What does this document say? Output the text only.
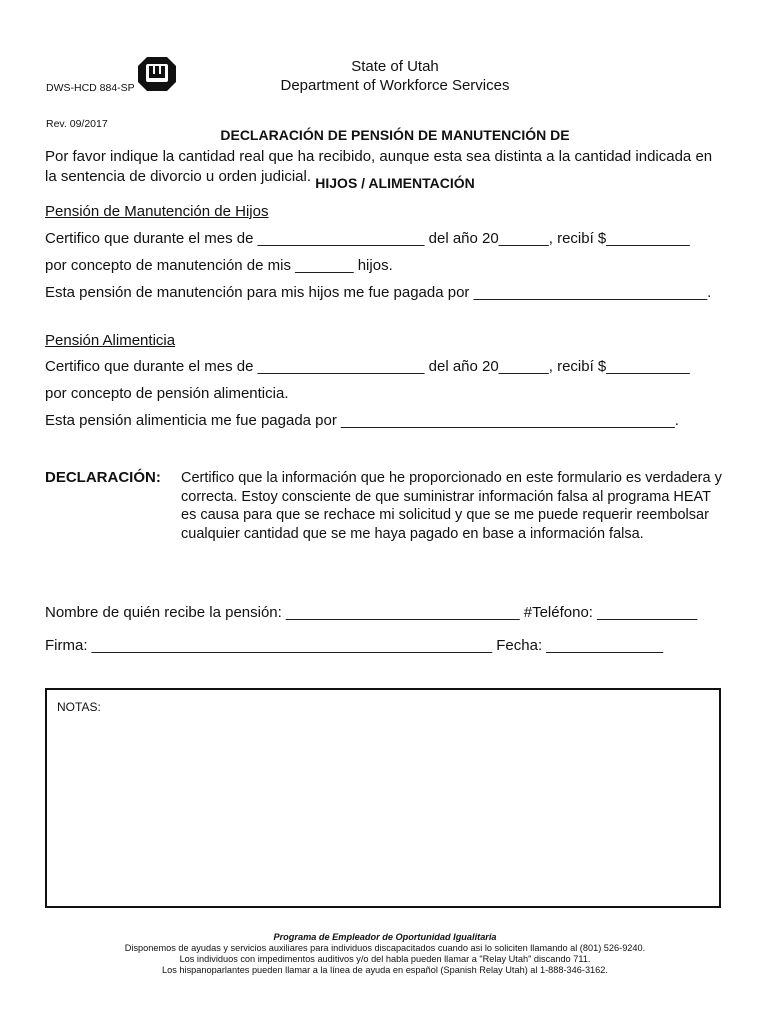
DWS-HCD 884-SP

Rev. 09/2017

State of Utah
Department of Workforce Services

DECLARACIÓN DE PENSIÓN DE MANUTENCIÓN DE

HIJOS / ALIMENTACIÓN

Por favor indique la cantidad real que ha recibido, aunque esta sea distinta a la cantidad indicada en
la sentencia de divorcio u orden judicial.
Pensión de Manutención de Hijos
Certifico que durante el mes de ____________________ del año 20______, recibí $__________
por concepto de manutención de mis _______ hijos.
Esta pensión de manutención para mis hijos me fue pagada por ____________________________.
Pensión Alimenticia
Certifico que durante el mes de ____________________ del año 20______, recibí $__________
por concepto de pensión alimenticia.
Esta pensión alimenticia me fue pagada por ________________________________________.
DECLARACIÓN: Certifico que la información que he proporcionado en este formulario es verdadera y correcta. Estoy consciente de que suministrar información falsa al programa HEAT es causa para que se rechace mi solicitud y que se me puede requerir reembolsar cualquier cantidad que se me haya pagado en base a información falsa.
Nombre de quién recibe la pensión: ____________________________ #Teléfono: ____________
Firma: ________________________________________________ Fecha: ______________

NOTAS:

Programa de Empleador de Oportunidad Igualitaria
Disponemos de ayudas y servicios auxiliares para individuos discapacitados cuando asi lo soliciten llamando al (801) 526-9240.
Los individuos con impedimentos auditivos y/o del habla pueden llamar a "Relay Utah" discando 711.
Los hispanoparlantes pueden llamar a la línea de ayuda en español (Spanish Relay Utah) al 1-888-346-3162.
